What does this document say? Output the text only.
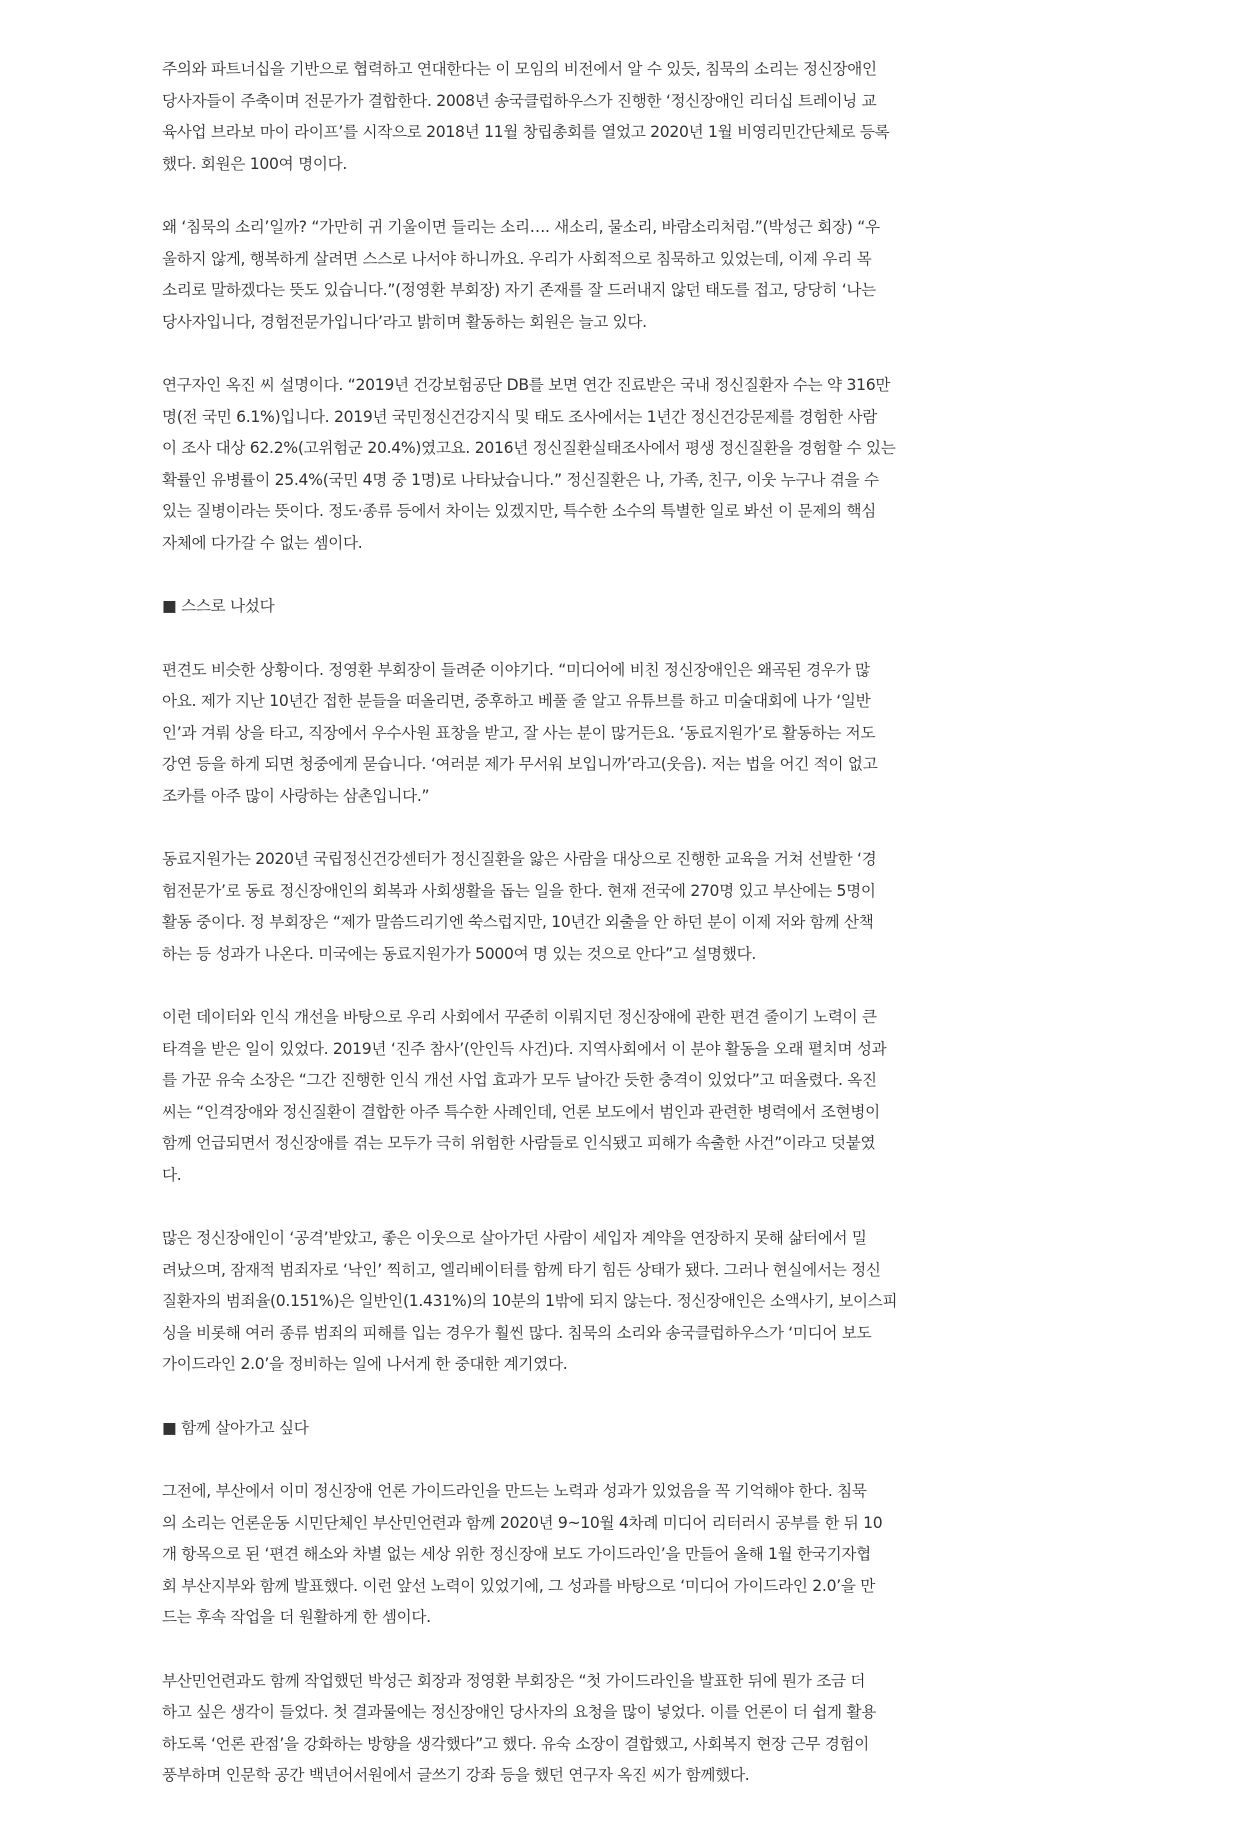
주의와 파트너십을 기반으로 협력하고 연대한다는 이 모임의 비전에서 알 수 있듯, 침묵의 소리는 정신장애인
당사자들이 주축이며 전문가가 결합한다. 2008년 송국클럽하우스가 진행한 ‘정신장애인 리더십 트레이닝 교
육사업 브라보 마이 라이프’를 시작으로 2018년 11월 창립총회를 열었고 2020년 1월 비영리민간단체로 등록
했다. 회원은 100여 명이다.

왜 ‘침묵의 소리’일까? “가만히 귀 기울이면 들리는 소리…. 새소리, 물소리, 바람소리처럼.”(박성근 회장) “우
울하지 않게, 행복하게 살려면 스스로 나서야 하니까요. 우리가 사회적으로 침묵하고 있었는데, 이제 우리 목
소리로 말하겠다는 뜻도 있습니다.”(정영환 부회장) 자기 존재를 잘 드러내지 않던 태도를 접고, 당당히 ‘나는
당사자입니다, 경험전문가입니다’라고 밝히며 활동하는 회원은 늘고 있다.

연구자인 옥진 씨 설명이다. “2019년 건강보험공단 DB를 보면 연간 진료받은 국내 정신질환자 수는 약 316만
명(전 국민 6.1%)입니다. 2019년 국민정신건강지식 및 태도 조사에서는 1년간 정신건강문제를 경험한 사람
이 조사 대상 62.2%(고위험군 20.4%)였고요. 2016년 정신질환실태조사에서 평생 정신질환을 경험할 수 있는
확률인 유병률이 25.4%(국민 4명 중 1명)로 나타났습니다.” 정신질환은 나, 가족, 친구, 이웃 누구나 겪을 수
있는 질병이라는 뜻이다. 정도·종류 등에서 차이는 있겠지만, 특수한 소수의 특별한 일로 봐선 이 문제의 핵심
자체에 다가갈 수 없는 셈이다.

■ 스스로 나섰다

편견도 비슷한 상황이다. 정영환 부회장이 들려준 이야기다. “미디어에 비친 정신장애인은 왜곡된 경우가 많
아요. 제가 지난 10년간 접한 분들을 떠올리면, 중후하고 베풀 줄 알고 유튜브를 하고 미술대회에 나가 ‘일반
인’과 겨뤄 상을 타고, 직장에서 우수사원 표창을 받고, 잘 사는 분이 많거든요. ‘동료지원가’로 활동하는 저도
강연 등을 하게 되면 청중에게 묻습니다. ‘여러분 제가 무서워 보입니까’라고(웃음). 저는 법을 어긴 적이 없고
조카를 아주 많이 사랑하는 삼촌입니다.”

동료지원가는 2020년 국립정신건강센터가 정신질환을 앓은 사람을 대상으로 진행한 교육을 거쳐 선발한 ‘경
험전문가’로 동료 정신장애인의 회복과 사회생활을 돕는 일을 한다. 현재 전국에 270명 있고 부산에는 5명이
활동 중이다. 정 부회장은 “제가 말씀드리기엔 쑥스럽지만, 10년간 외출을 안 하던 분이 이제 저와 함께 산책
하는 등 성과가 나온다. 미국에는 동료지원가가 5000여 명 있는 것으로 안다”고 설명했다.

이런 데이터와 인식 개선을 바탕으로 우리 사회에서 꾸준히 이뤄지던 정신장애에 관한 편견 줄이기 노력이 큰
타격을 받은 일이 있었다. 2019년 ‘진주 참사’(안인득 사건)다. 지역사회에서 이 분야 활동을 오래 펼치며 성과
를 가꾼 유숙 소장은 “그간 진행한 인식 개선 사업 효과가 모두 날아간 듯한 충격이 있었다”고 떠올렸다. 옥진
씨는 “인격장애와 정신질환이 결합한 아주 특수한 사례인데, 언론 보도에서 범인과 관련한 병력에서 조현병이
함께 언급되면서 정신장애를 겪는 모두가 극히 위험한 사람들로 인식됐고 피해가 속출한 사건”이라고 덧붙였
다.

많은 정신장애인이 ‘공격’받았고, 좋은 이웃으로 살아가던 사람이 세입자 계약을 연장하지 못해 삶터에서 밀
려났으며, 잠재적 범죄자로 ‘낙인’ 찍히고, 엘리베이터를 함께 타기 힘든 상태가 됐다. 그러나 현실에서는 정신
질환자의 범죄율(0.151%)은 일반인(1.431%)의 10분의 1밖에 되지 않는다. 정신장애인은 소액사기, 보이스피
싱을 비롯해 여러 종류 범죄의 피해를 입는 경우가 훨씬 많다. 침묵의 소리와 송국클럽하우스가 ‘미디어 보도
가이드라인 2.0’을 정비하는 일에 나서게 한 중대한 계기였다.

■ 함께 살아가고 싶다

그전에, 부산에서 이미 정신장애 언론 가이드라인을 만드는 노력과 성과가 있었음을 꼭 기억해야 한다. 침묵
의 소리는 언론운동 시민단체인 부산민언련과 함께 2020년 9~10월 4차례 미디어 리터러시 공부를 한 뒤 10
개 항목으로 된 ‘편견 해소와 차별 없는 세상 위한 정신장애 보도 가이드라인’을 만들어 올해 1월 한국기자협
회 부산지부와 함께 발표했다. 이런 앞선 노력이 있었기에, 그 성과를 바탕으로 ‘미디어 가이드라인 2.0’을 만
드는 후속 작업을 더 원활하게 한 셈이다.

부산민언련과도 함께 작업했던 박성근 회장과 정영환 부회장은 “첫 가이드라인을 발표한 뒤에 뭔가 조금 더
하고 싶은 생각이 들었다. 첫 결과물에는 정신장애인 당사자의 요청을 많이 넣었다. 이를 언론이 더 쉽게 활용
하도록 ‘언론 관점’을 강화하는 방향을 생각했다”고 했다. 유숙 소장이 결합했고, 사회복지 현장 근무 경험이
풍부하며 인문학 공간 백년어서원에서 글쓰기 강좌 등을 했던 연구자 옥진 씨가 함께했다.
